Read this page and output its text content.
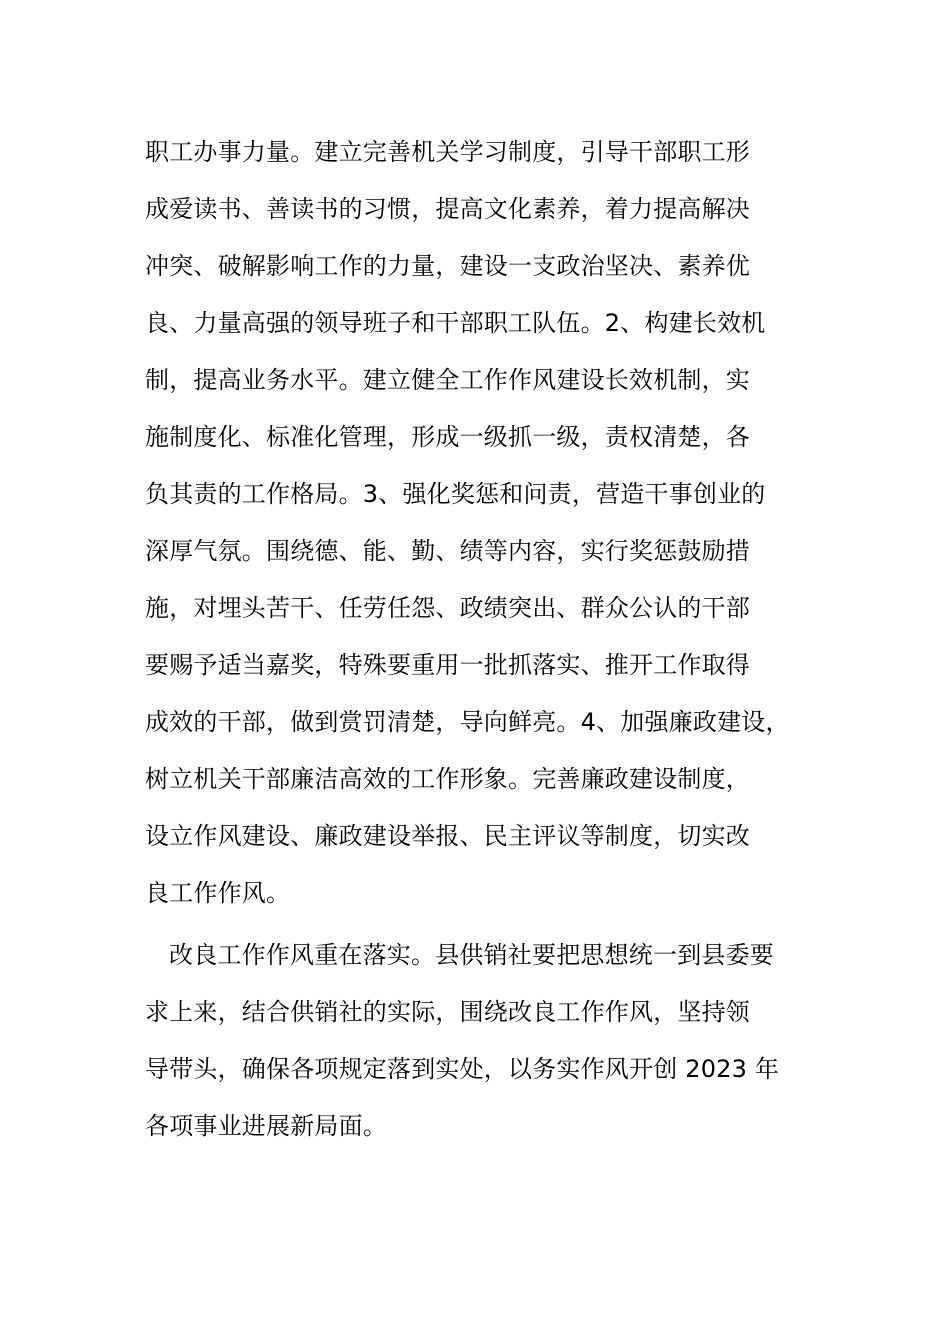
职工办事力量。建立完善机关学习制度，引导干部职工形
成爱读书、善读书的习惯，提高文化素养，着力提高解决
冲突、破解影响工作的力量，建设一支政治坚决、素养优
良、力量高强的领导班子和干部职工队伍。2、构建长效机
制，提高业务水平。建立健全工作作风建设长效机制，实
施制度化、标准化管理，形成一级抓一级，责权清楚，各
负其责的工作格局。3、强化奖惩和问责，营造干事创业的
深厚气氛。围绕德、能、勤、绩等内容，实行奖惩鼓励措
施，对埋头苦干、任劳任怨、政绩突出、群众公认的干部
要赐予适当嘉奖，特殊要重用一批抓落实、推开工作取得
成效的干部，做到赏罚清楚，导向鲜亮。4、加强廉政建设，
树立机关干部廉洁高效的工作形象。完善廉政建设制度，
设立作风建设、廉政建设举报、民主评议等制度，切实改
良工作作风。
改良工作作风重在落实。县供销社要把思想统一到县委要
求上来，结合供销社的实际，围绕改良工作作风，坚持领
导带头，确保各项规定落到实处，以务实作风开创 2023 年
各项事业进展新局面。
